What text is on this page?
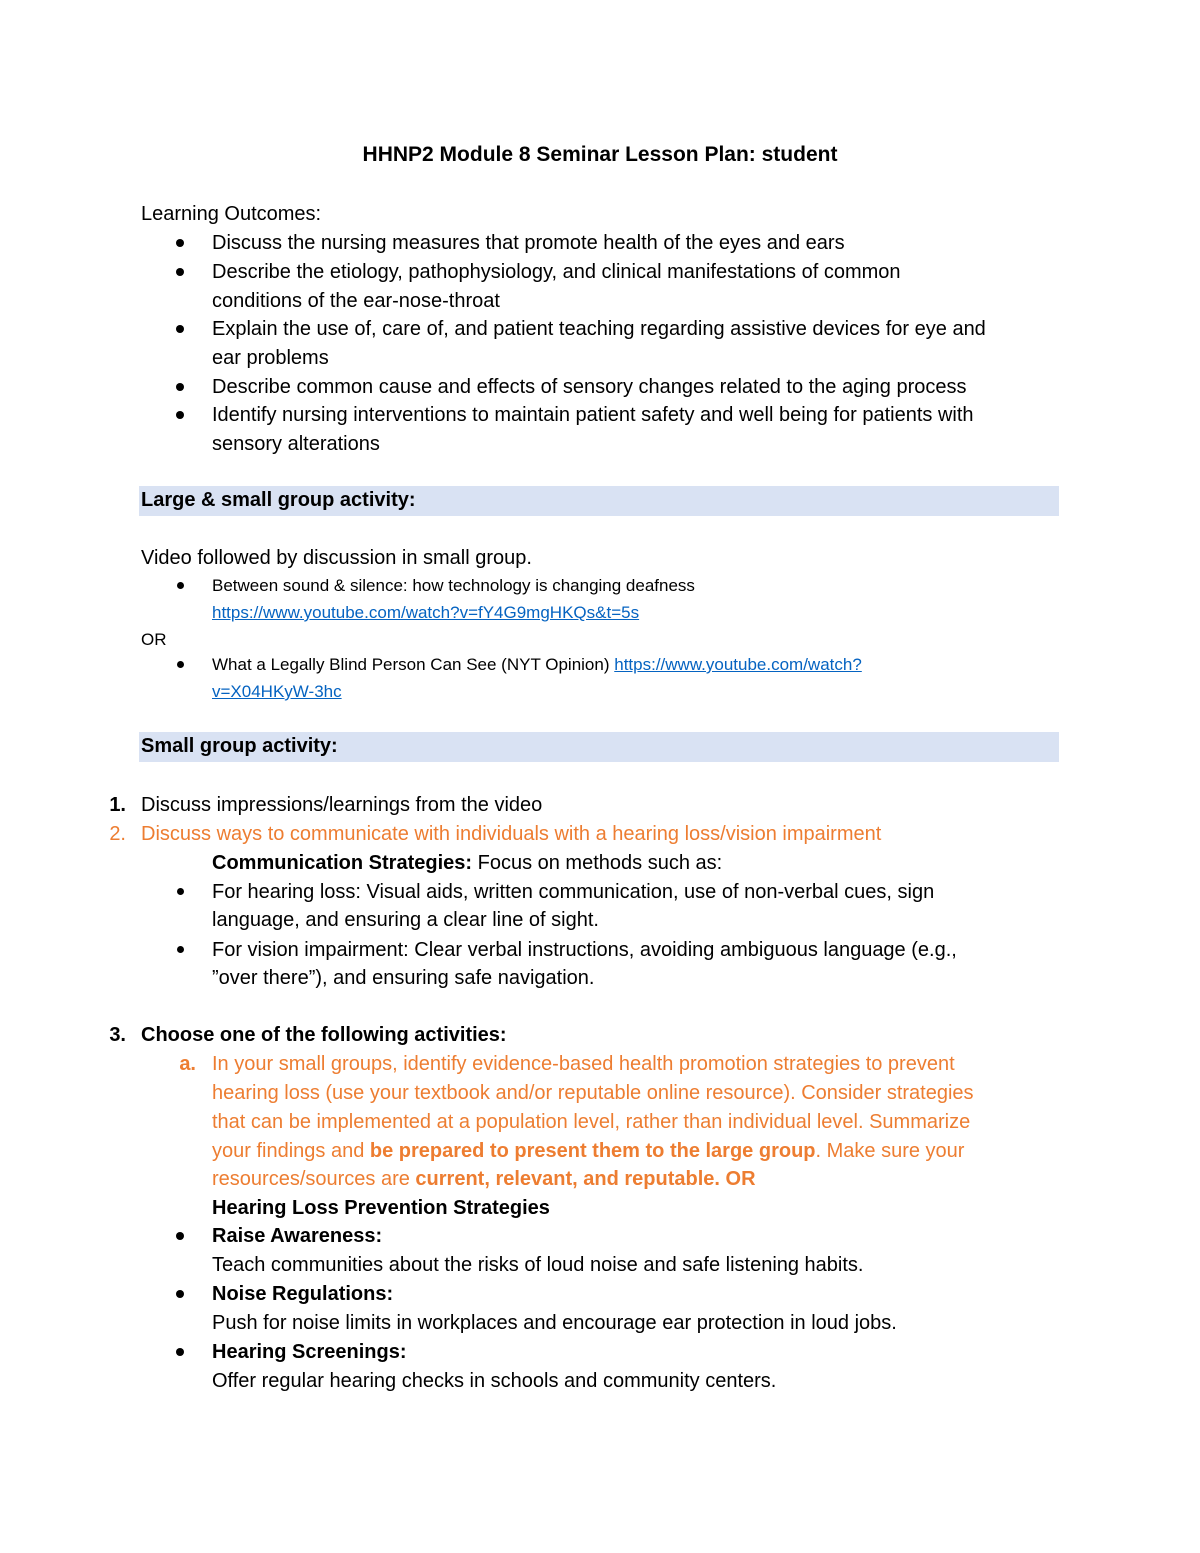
HHNP2 Module 8 Seminar Lesson Plan: student
Learning Outcomes:
Discuss the nursing measures that promote health of the eyes and ears
Describe the etiology, pathophysiology, and clinical manifestations of common
conditions of the ear-nose-throat
Explain the use of, care of, and patient teaching regarding assistive devices for eye and
ear problems
Describe common cause and effects of sensory changes related to the aging process
Identify nursing interventions to maintain patient safety and well being for patients with
sensory alterations
Large & small group activity:
Video followed by discussion in small group.
Between sound & silence: how technology is changing deafness
https://www.youtube.com/watch?v=fY4G9mgHKQs&t=5s
OR
What a Legally Blind Person Can See (NYT Opinion) https://www.youtube.com/watch?
v=X04HKyW-3hc
Small group activity:
1. Discuss impressions/learnings from the video
2. Discuss ways to communicate with individuals with a hearing loss/vision impairment
Communication Strategies: Focus on methods such as:
For hearing loss: Visual aids, written communication, use of non-verbal cues, sign
language, and ensuring a clear line of sight.
For vision impairment: Clear verbal instructions, avoiding ambiguous language (e.g.,
”over there”), and ensuring safe navigation.
3. Choose one of the following activities:
a. In your small groups, identify evidence-based health promotion strategies to prevent
hearing loss (use your textbook and/or reputable online resource). Consider strategies
that can be implemented at a population level, rather than individual level. Summarize
your findings and be prepared to present them to the large group. Make sure your
resources/sources are current, relevant, and reputable. OR
Hearing Loss Prevention Strategies
Raise Awareness:
Teach communities about the risks of loud noise and safe listening habits.
Noise Regulations:
Push for noise limits in workplaces and encourage ear protection in loud jobs.
Hearing Screenings:
Offer regular hearing checks in schools and community centers.
